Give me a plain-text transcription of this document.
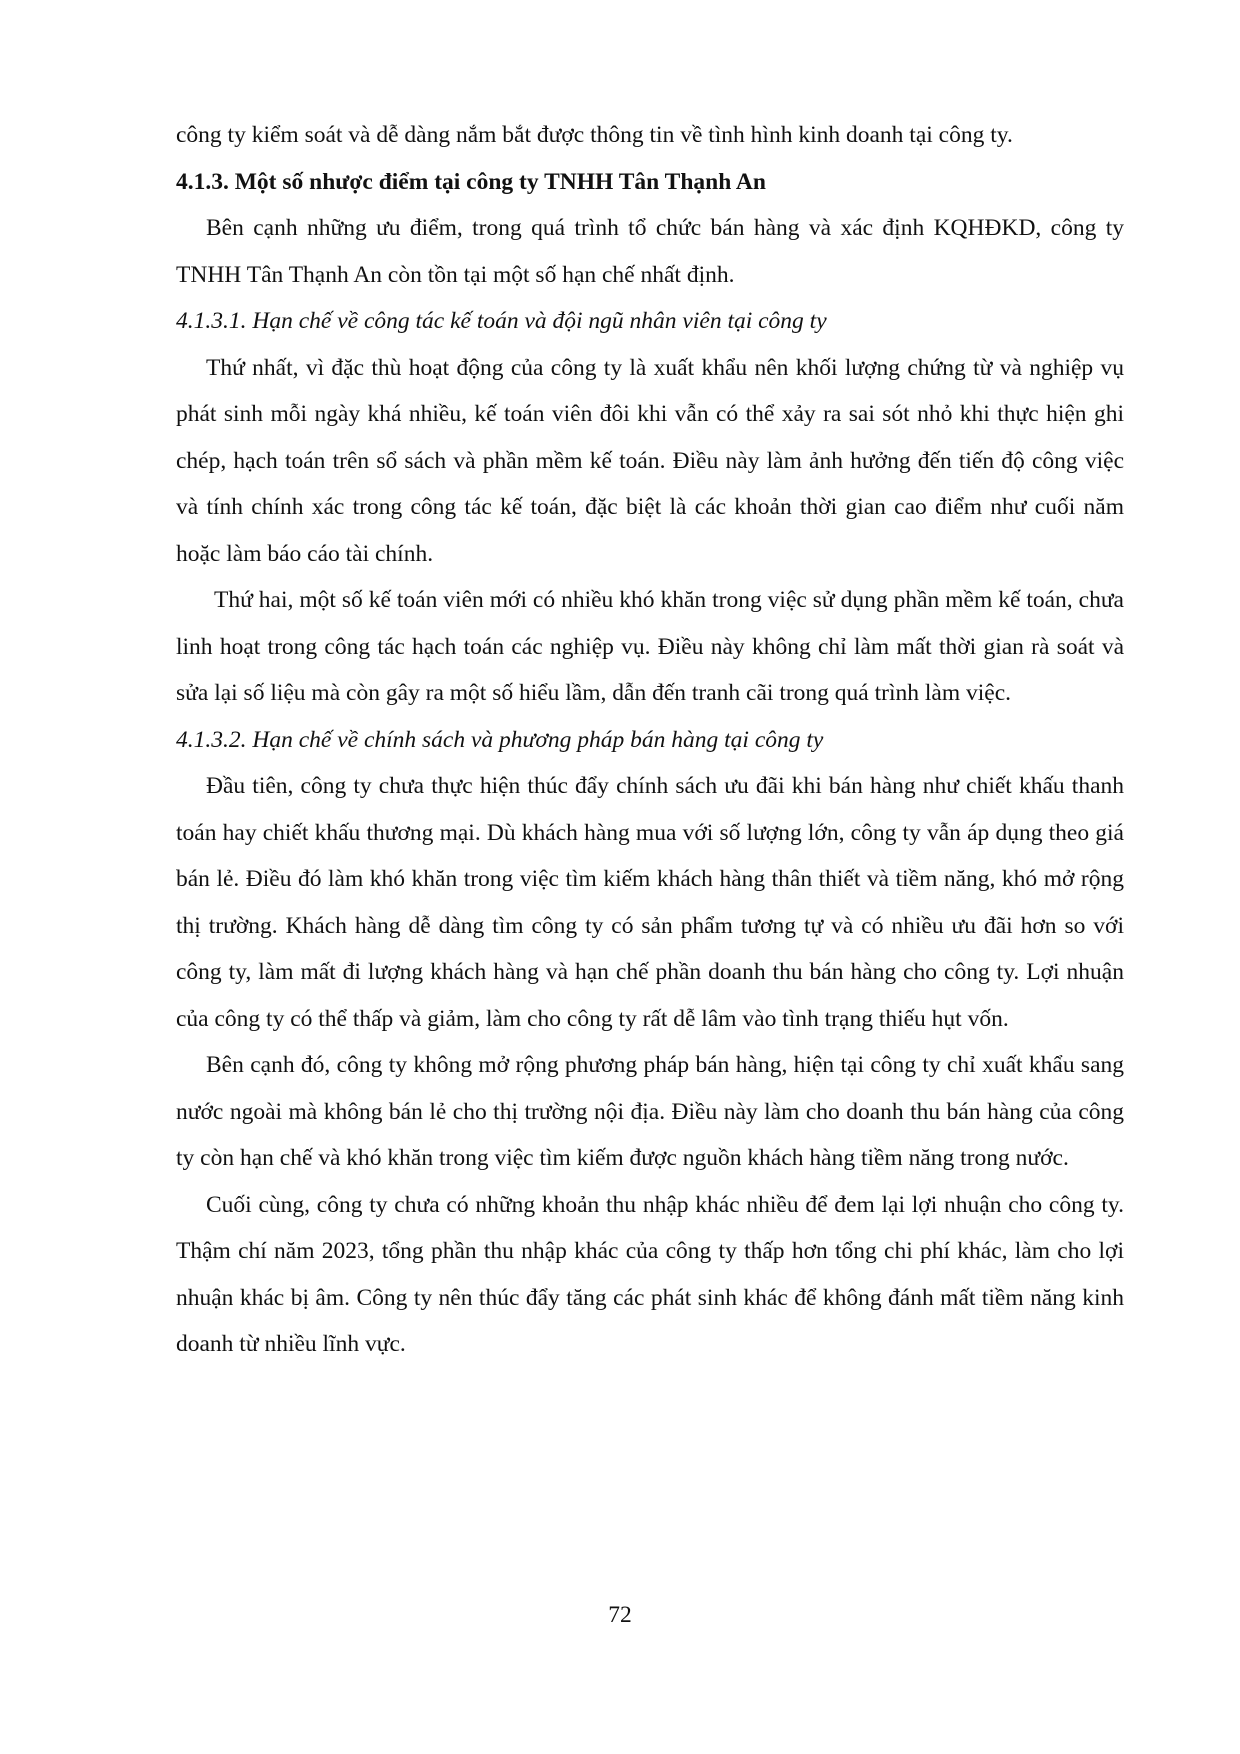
công ty kiểm soát và dễ dàng nắm bắt được thông tin về tình hình kinh doanh tại công ty.

4.1.3. Một số nhược điểm tại công ty TNHH Tân Thạnh An

Bên cạnh những ưu điểm, trong quá trình tổ chức bán hàng và xác định KQHĐKD, công ty TNHH Tân Thạnh An còn tồn tại một số hạn chế nhất định.

4.1.3.1. Hạn chế về công tác kế toán và đội ngũ nhân viên tại công ty

Thứ nhất, vì đặc thù hoạt động của công ty là xuất khẩu nên khối lượng chứng từ và nghiệp vụ phát sinh mỗi ngày khá nhiều, kế toán viên đôi khi vẫn có thể xảy ra sai sót nhỏ khi thực hiện ghi chép, hạch toán trên sổ sách và phần mềm kế toán. Điều này làm ảnh hưởng đến tiến độ công việc và tính chính xác trong công tác kế toán, đặc biệt là các khoản thời gian cao điểm như cuối năm hoặc làm báo cáo tài chính.

Thứ hai, một số kế toán viên mới có nhiều khó khăn trong việc sử dụng phần mềm kế toán, chưa linh hoạt trong công tác hạch toán các nghiệp vụ. Điều này không chỉ làm mất thời gian rà soát và sửa lại số liệu mà còn gây ra một số hiểu lầm, dẫn đến tranh cãi trong quá trình làm việc.

4.1.3.2. Hạn chế về chính sách và phương pháp bán hàng tại công ty

Đầu tiên, công ty chưa thực hiện thúc đẩy chính sách ưu đãi khi bán hàng như chiết khấu thanh toán hay chiết khấu thương mại. Dù khách hàng mua với số lượng lớn, công ty vẫn áp dụng theo giá bán lẻ. Điều đó làm khó khăn trong việc tìm kiếm khách hàng thân thiết và tiềm năng, khó mở rộng thị trường. Khách hàng dễ dàng tìm công ty có sản phẩm tương tự và có nhiều ưu đãi hơn so với công ty, làm mất đi lượng khách hàng và hạn chế phần doanh thu bán hàng cho công ty. Lợi nhuận của công ty có thể thấp và giảm, làm cho công ty rất dễ lâm vào tình trạng thiếu hụt vốn.

Bên cạnh đó, công ty không mở rộng phương pháp bán hàng, hiện tại công ty chỉ xuất khẩu sang nước ngoài mà không bán lẻ cho thị trường nội địa. Điều này làm cho doanh thu bán hàng của công ty còn hạn chế và khó khăn trong việc tìm kiếm được nguồn khách hàng tiềm năng trong nước.

Cuối cùng, công ty chưa có những khoản thu nhập khác nhiều để đem lại lợi nhuận cho công ty. Thậm chí năm 2023, tổng phần thu nhập khác của công ty thấp hơn tổng chi phí khác, làm cho lợi nhuận khác bị âm. Công ty nên thúc đẩy tăng các phát sinh khác để không đánh mất tiềm năng kinh doanh từ nhiều lĩnh vực.

72
